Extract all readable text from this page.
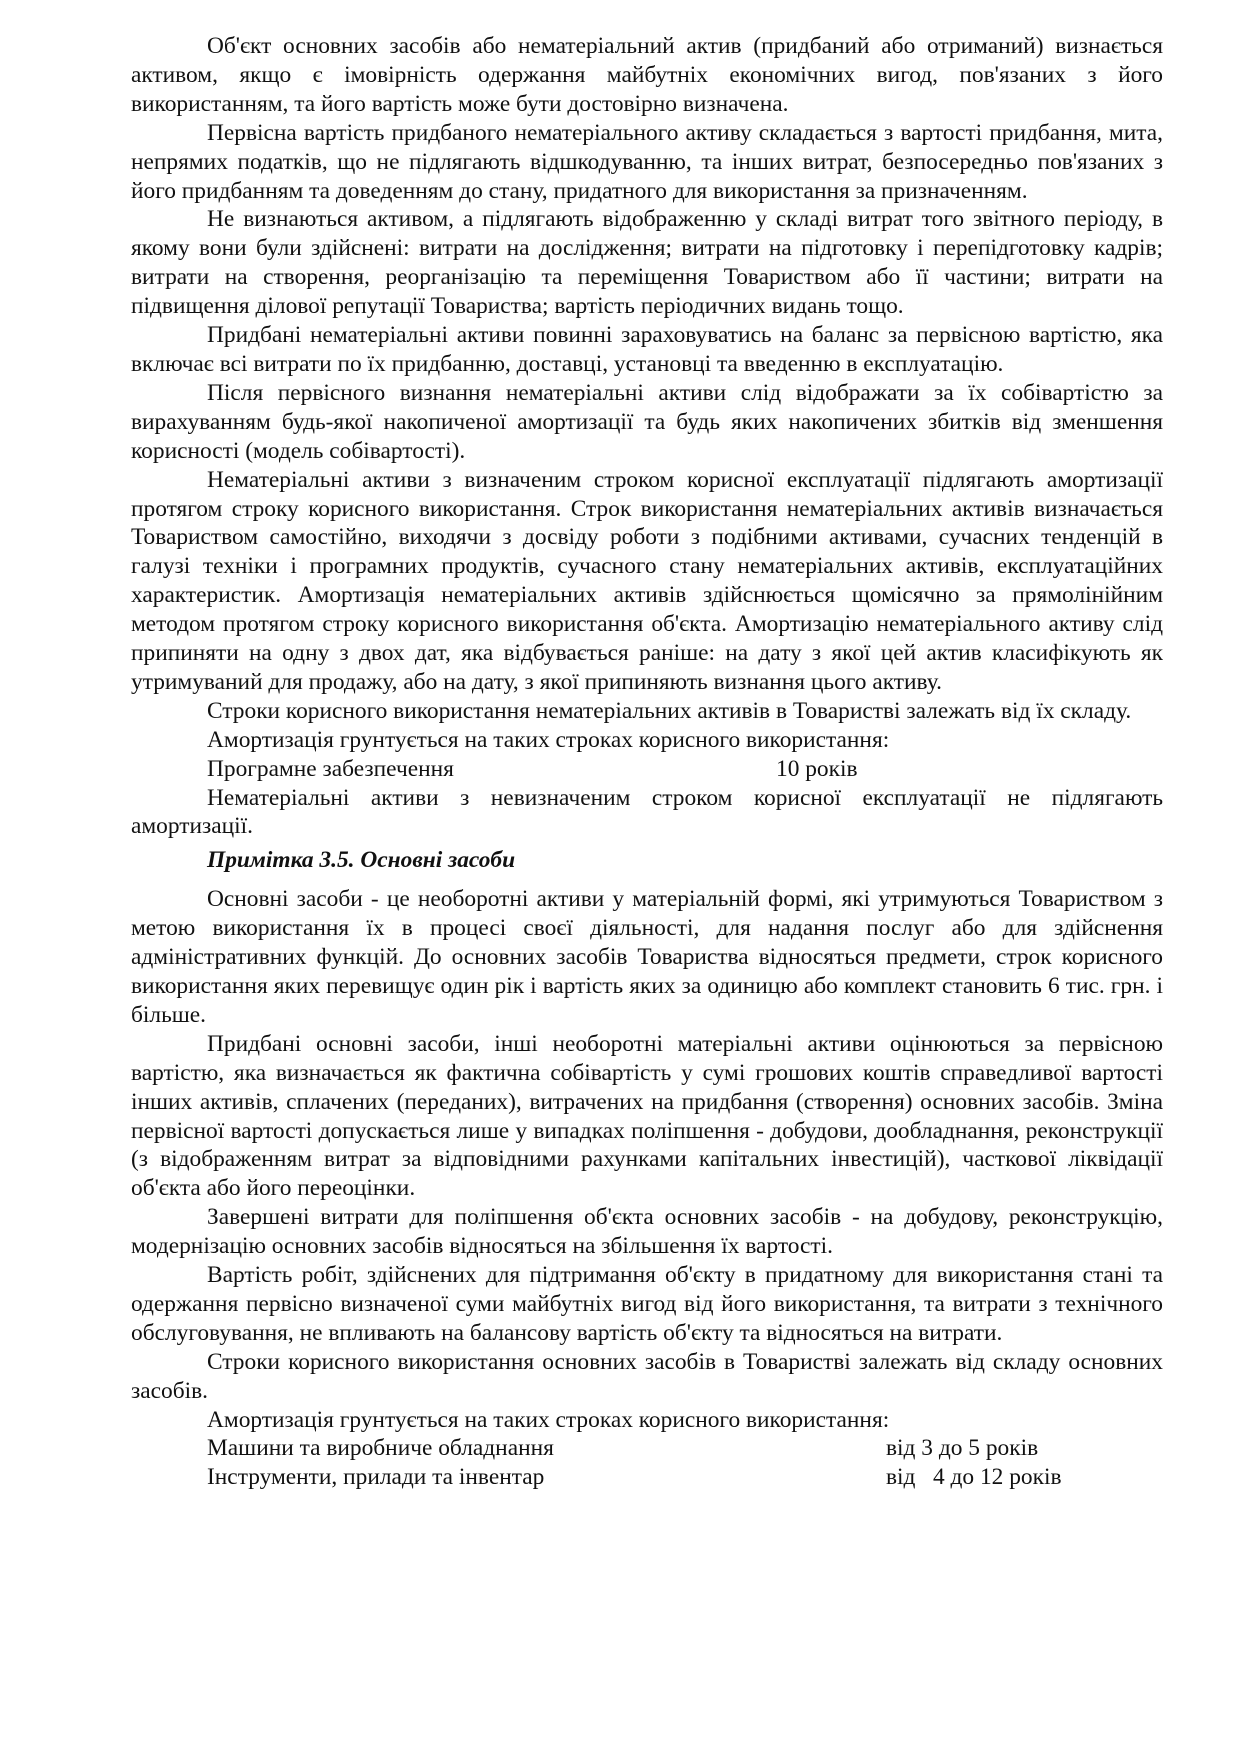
Об'єкт основних засобів або нематеріальний актив (придбаний або отриманий) визнається активом, якщо є імовірність одержання майбутніх економічних вигод, пов'язаних з його використанням, та його вартість може бути достовірно визначена.

Первісна вартість придбаного нематеріального активу складається з вартості придбання, мита, непрямих податків, що не підлягають відшкодуванню, та інших витрат, безпосередньо пов'язаних з його придбанням та доведенням до стану, придатного для використання за призначенням.

Не визнаються активом, а підлягають відображенню у складі витрат того звітного періоду, в якому вони були здійснені: витрати на дослідження; витрати на підготовку і перепідготовку кадрів; витрати на створення, реорганізацію та переміщення Товариством або її частини; витрати на підвищення ділової репутації Товариства; вартість періодичних видань тощо.

Придбані нематеріальні активи повинні зараховуватись на баланс за первісною вартістю, яка включає всі витрати по їх придбанню, доставці, установці та введенню в експлуатацію.

Після первісного визнання нематеріальні активи слід відображати за їх собівартістю за вирахуванням будь-якої накопиченої амортизації та будь яких накопичених збитків від зменшення корисності (модель собівартості).

Нематеріальні активи з визначеним строком корисної експлуатації підлягають амортизації протягом строку корисного використання. Строк використання нематеріальних активів визначається Товариством самостійно, виходячи з досвіду роботи з подібними активами, сучасних тенденцій в галузі техніки і програмних продуктів, сучасного стану нематеріальних активів, експлуатаційних характеристик. Амортизація нематеріальних активів здійснюється щомісячно за прямолінійним методом протягом строку корисного використання об'єкта. Амортизацію нематеріального активу слід припиняти на одну з двох дат, яка відбувається раніше: на дату з якої цей актив класифікують як утримуваний для продажу, або на дату, з якої припиняють визнання цього активу.

Строки корисного використання нематеріальних активів в Товаристві залежать від їх складу.

Амортизація грунтується на таких строках корисного використання:

Програмне забезпечення	10 років

Нематеріальні активи з невизначеним строком корисної експлуатації не підлягають амортизації.

Примітка 3.5. Основні засоби

Основні засоби - це необоротні активи у матеріальній формі, які утримуються Товариством з метою використання їх в процесі своєї діяльності, для надання послуг або для здійснення адміністративних функцій. До основних засобів Товариства відносяться предмети, строк корисного використання яких перевищує один рік і вартість яких за одиницю або комплект становить 6 тис. грн. і більше.

Придбані основні засоби, інші необоротні матеріальні активи оцінюються за первісною вартістю, яка визначається як фактична собівартість у сумі грошових коштів справедливої вартості інших активів, сплачених (переданих), витрачених на придбання (створення) основних засобів. Зміна первісної вартості допускається лише у випадках поліпшення - добудови, дообладнання, реконструкції (з відображенням витрат за відповідними рахунками капітальних інвестицій), часткової ліквідації об'єкта або його переоцінки.

Завершені витрати для поліпшення об'єкта основних засобів - на добудову, реконструкцію, модернізацію основних засобів відносяться на збільшення їх вартості.

Вартість робіт, здійснених для підтримання об'єкту в придатному для використання стані та одержання первісно визначеної суми майбутніх вигод від його використання, та витрати з технічного обслуговування, не впливають на балансову вартість об'єкту та відносяться на витрати.

Строки корисного використання основних засобів в Товаристві залежать від складу основних засобів.

Амортизація грунтується на таких строках корисного використання:

Машини та виробниче обладнання	від 3 до 5 років
Інструменти, прилади та інвентар	від   4 до 12 років
